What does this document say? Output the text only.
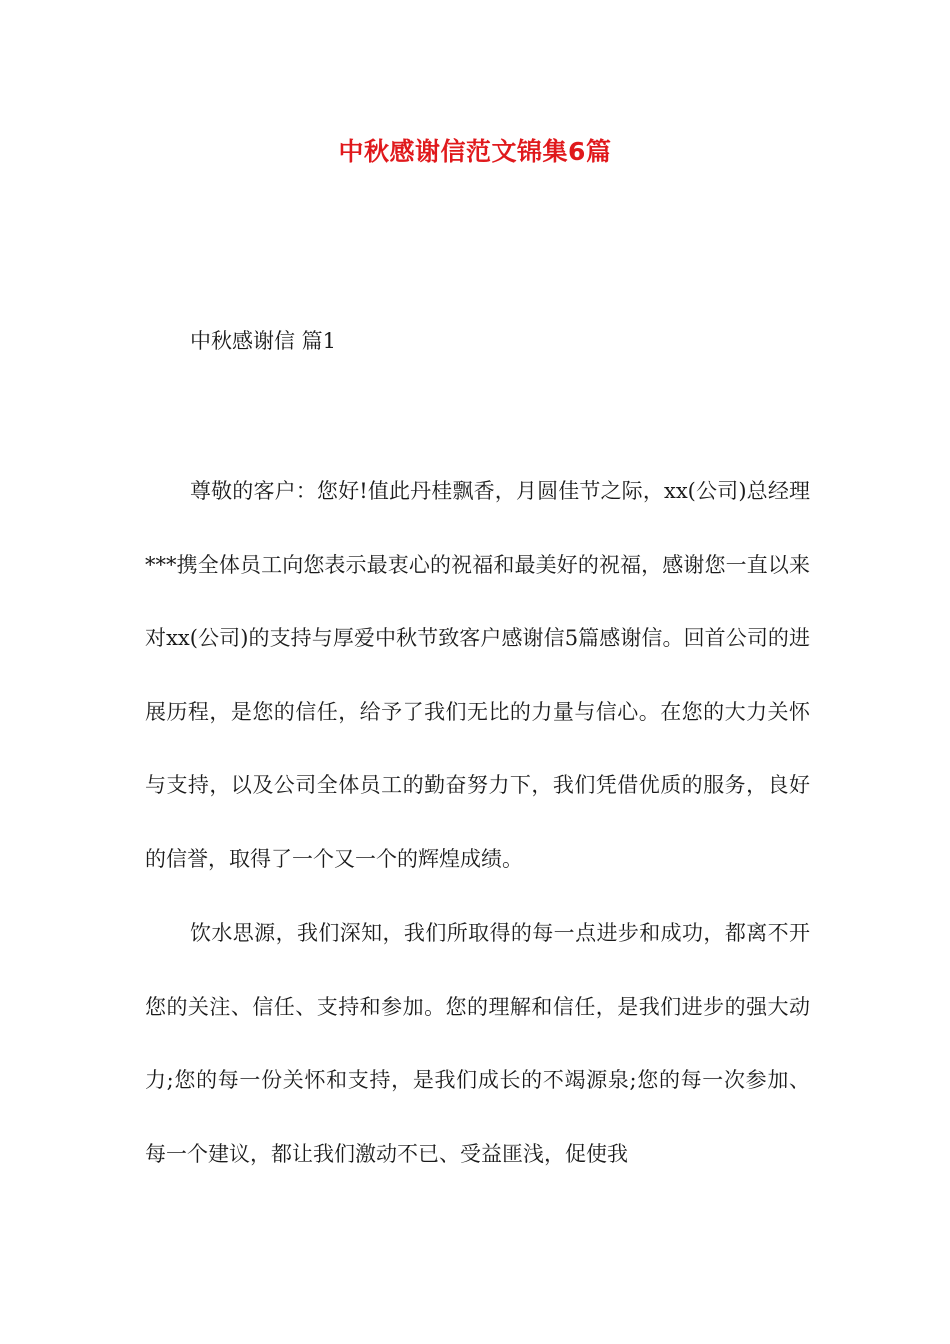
中秋感谢信范文锦集6篇

中秋感谢信 篇1

尊敬的客户：您好!值此丹桂飘香，月圆佳节之际，xx(公司)总经理***携全体员工向您表示最衷心的祝福和最美好的祝福，感谢您一直以来对xx(公司)的支持与厚爱中秋节致客户感谢信5篇感谢信。回首公司的进展历程，是您的信任，给予了我们无比的力量与信心。在您的大力关怀与支持，以及公司全体员工的勤奋努力下，我们凭借优质的服务，良好的信誉，取得了一个又一个的辉煌成绩。

饮水思源，我们深知，我们所取得的每一点进步和成功，都离不开您的关注、信任、支持和参加。您的理解和信任，是我们进步的强大动力;您的每一份关怀和支持，是我们成长的不竭源泉;您的每一次参加、每一个建议，都让我们激动不已、受益匪浅，促使我
